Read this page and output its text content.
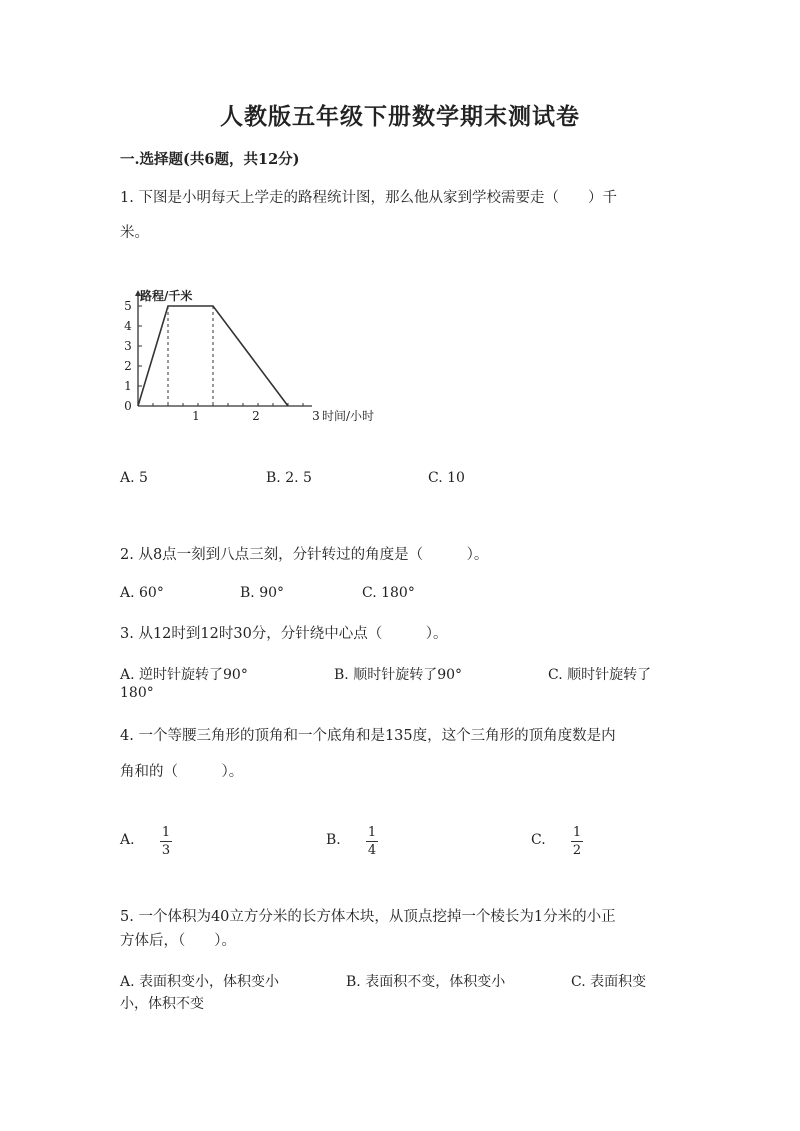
人教版五年级下册数学期末测试卷
一.选择题(共6题，共12分)
1. 下图是小明每天上学走的路程统计图，那么他从家到学校需要走（　　）千
米。
0
1
2
3
4
5
1	2	3
路程/千米
时间/小时
A. 5	B. 2. 5	C. 10
2. 从8点一刻到八点三刻，分针转过的角度是（　　　）。
A. 60°	B. 90°	C. 180°
3. 从12时到12时30分，分针绕中心点（　　　）。
A. 逆时针旋转了90°	B. 顺时针旋转了90°	C. 顺时针旋转了
180°
4. 一个等腰三角形的顶角和一个底角和是135度，这个三角形的顶角度数是内
角和的（　　　）。
A. 1
3
B. 1
4
C. 1
2
5. 一个体积为40立方分米的长方体木块，从顶点挖掉一个棱长为1分米的小正
方体后，（　　）。
A. 表面积变小，体积变小	B. 表面积不变，体积变小	C. 表面积变
小，体积不变
